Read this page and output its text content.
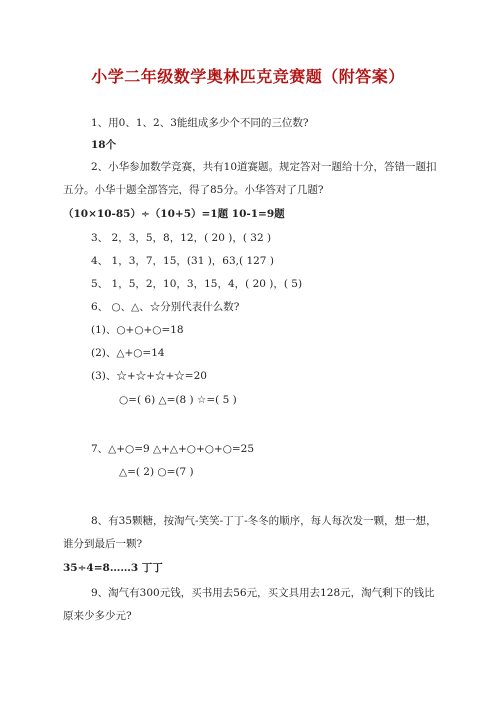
小学二年级数学奥林匹克竞赛题（附答案）
1、用0、1、2、3能组成多少个不同的三位数?
18个
2、小华参加数学竞赛，共有10道赛题。规定答对一题给十分，答错一题扣
五分。小华十题全部答完，得了85分。小华答对了几题?
（10×10-85）÷（10+5）=1题 10-1=9题
3、 2，3，5，8，12，( 20 )，( 32 )
4、 1，3，7，15，(31 )，63,( 127 )
5、 1，5，2，10，3，15，4，( 20 )，( 5)
6、 ○、△、☆分别代表什么数?
(1)、○+○+○=18
(2)、△+○=14
(3)、☆+☆+☆+☆=20
○=( 6) △=(8 ) ☆=( 5 )
7、△+○=9 △+△+○+○+○=25
△=( 2) ○=(7 )
8、有35颗糖，按淘气-笑笑-丁丁-冬冬的顺序，每人每次发一颗，想一想，
谁分到最后一颗?
35÷4=8……3 丁丁
9、淘气有300元钱，买书用去56元，买文具用去128元，淘气剩下的钱比
原来少多少元?
